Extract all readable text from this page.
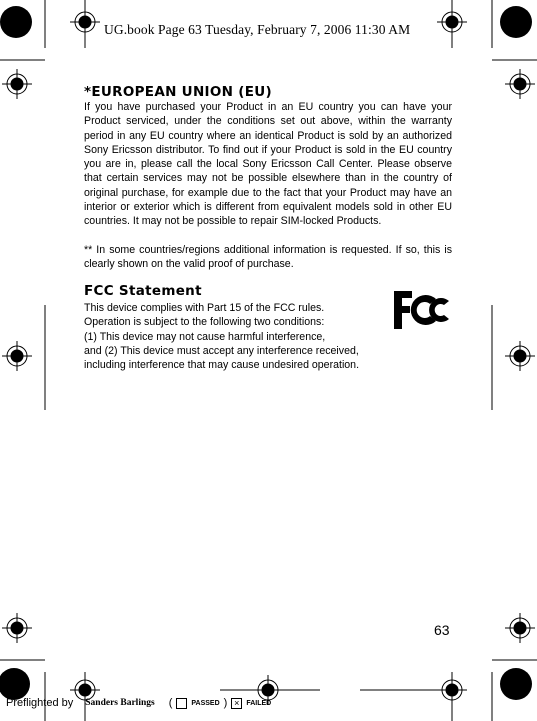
UG.book Page 63 Tuesday, February 7, 2006 11:30 AM
*EUROPEAN UNION (EU)
If you have purchased your Product in an EU country you can have your Product serviced, under the conditions set out above, within the warranty period in any EU country where an identical Product is sold by an authorized Sony Ericsson distributor. To find out if your Product is sold in the EU country you are in, please call the local Sony Ericsson Call Center. Please observe that certain services may not be possible elsewhere than in the country of original purchase, for example due to the fact that your Product may have an interior or exterior which is different from equivalent models sold in other EU countries. It may not be possible to repair SIM-locked Products.
** In some countries/regions additional information is requested. If so, this is clearly shown on the valid proof of purchase.
FCC Statement
This device complies with Part 15 of the FCC rules.
Operation is subject to the following two conditions:
(1) This device may not cause harmful interference,
and (2) This device must accept any interference received,
including interference that may cause undesired operation.
63
Preflighted by Sanders Barlings (	PASSED ) × FAILED
